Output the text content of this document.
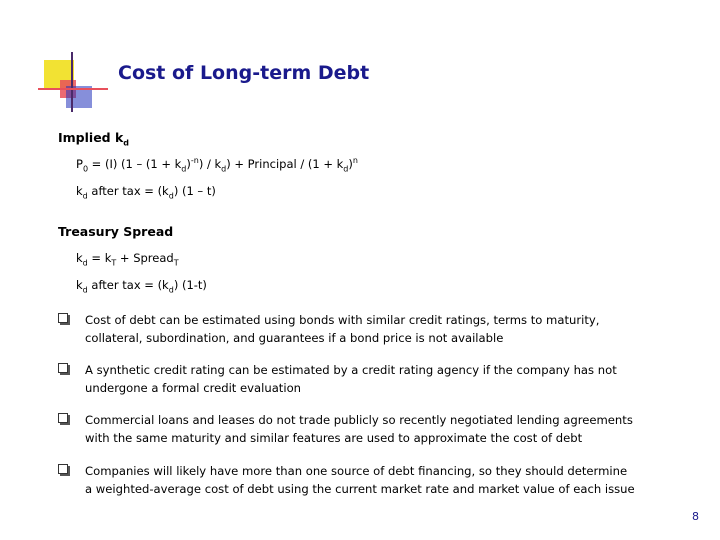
Cost of Long-term Debt
Implied $k_d$
$P_0 = (I)$ $(1 - (1 + k_d)^{-n}) / k_d$) + Principal / $(1 + k_d)^n$
$k_d$ after tax = $(k_d)$ (1 – t)
Treasury Spread
$k_d = k_T$ + Spread$_T$
$k_d$ after tax = $(k_d)$ (1-t)
Cost of debt can be estimated using bonds with similar credit ratings, terms to maturity,
collateral, subordination, and guarantees if a bond price is not available
A synthetic credit rating can be estimated by a credit rating agency if the company has not
undergone a formal credit evaluation
Commercial loans and leases do not trade publicly so recently negotiated lending agreements
with the same maturity and similar features are used to approximate the cost of debt
Companies will likely have more than one source of debt financing, so they should determine
a weighted-average cost of debt using the current market rate and market value of each issue
8
